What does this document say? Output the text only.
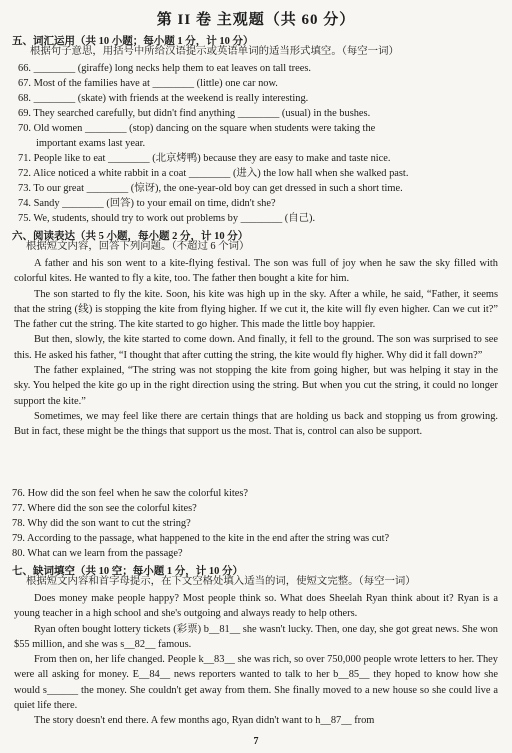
第 II 卷 主观题（共 60 分）
五、词汇运用（共 10 小题；每小题 1 分，计 10 分）
根据句子意思，用括号中所给汉语提示或英语单词的适当形式填空。（每空一词）
66. ________ (giraffe) long necks help them to eat leaves on tall trees.
67. Most of the families have at ________ (little) one car now.
68. ________ (skate) with friends at the weekend is really interesting.
69. They searched carefully, but didn't find anything ________ (usual) in the bushes.
70. Old women ________ (stop) dancing on the square when students were taking the
important exams last year.
71. People like to eat ________ (北京烤鸭) because they are easy to make and taste nice.
72. Alice noticed a white rabbit in a coat ________ (进入) the low hall when she walked past.
73. To our great ________ (惊讶), the one-year-old boy can get dressed in such a short time.
74. Sandy ________ (回答) to your email on time, didn't she?
75. We, students, should try to work out problems by ________ (自己).
六、阅读表达（共 5 小题，每小题 2 分，计 10 分）
根据短文内容，回答下列问题。（不超过 6 个词）

A father and his son went to a kite-flying festival. The son was full of joy when he saw the sky filled with colorful kites. He wanted to fly a kite, too. The father then bought a kite for him.

The son started to fly the kite. Soon, his kite was high up in the sky. After a while, he said, “Father, it seems that the string (线) is stopping the kite from flying higher. If we cut it, the kite will fly even higher. Can we cut it?” The father cut the string. The kite started to go higher. This made the little boy happier.

But then, slowly, the kite started to come down. And finally, it fell to the ground. The son was surprised to see this. He asked his father, “I thought that after cutting the string, the kite would fly higher. Why did it fall down?”

The father explained, “The string was not stopping the kite from going higher, but was helping it stay in the sky. You helped the kite go up in the right direction using the string. But when you cut the string, it could no longer support the kite.”

Sometimes, we may feel like there are certain things that are holding us back and stopping us from growing. But in fact, these might be the things that support us the most. That is, control can also be support.

76. How did the son feel when he saw the colorful kites?
77. Where did the son see the colorful kites?
78. Why did the son want to cut the string?
79. According to the passage, what happened to the kite in the end after the string was cut?
80. What can we learn from the passage?
七、缺词填空（共 10 空；每小题 1 分，计 10 分）
根据短文内容和首字母提示，在下文空格处填入适当的词，使短文完整。（每空一词）

Does money make people happy? Most people think so. What does Sheelah Ryan think about it? Ryan is a young teacher in a high school and she's outgoing and always ready to help others.

Ryan often bought lottery tickets (彩票) b__81__ she wasn't lucky. Then, one day, she got great news. She won $55 million, and she was s__82__ famous.

From then on, her life changed. People k__83__ she was rich, so over 750,000 people wrote letters to her. They were all asking for money. E__84__ news reporters wanted to talk to her b__85__ they hoped to know how she would s______ the money. She couldn't get away from them. She finally moved to a new house so she could live a quiet life there.

The story doesn't end there. A few months ago, Ryan didn't want to h__87__ from

7
